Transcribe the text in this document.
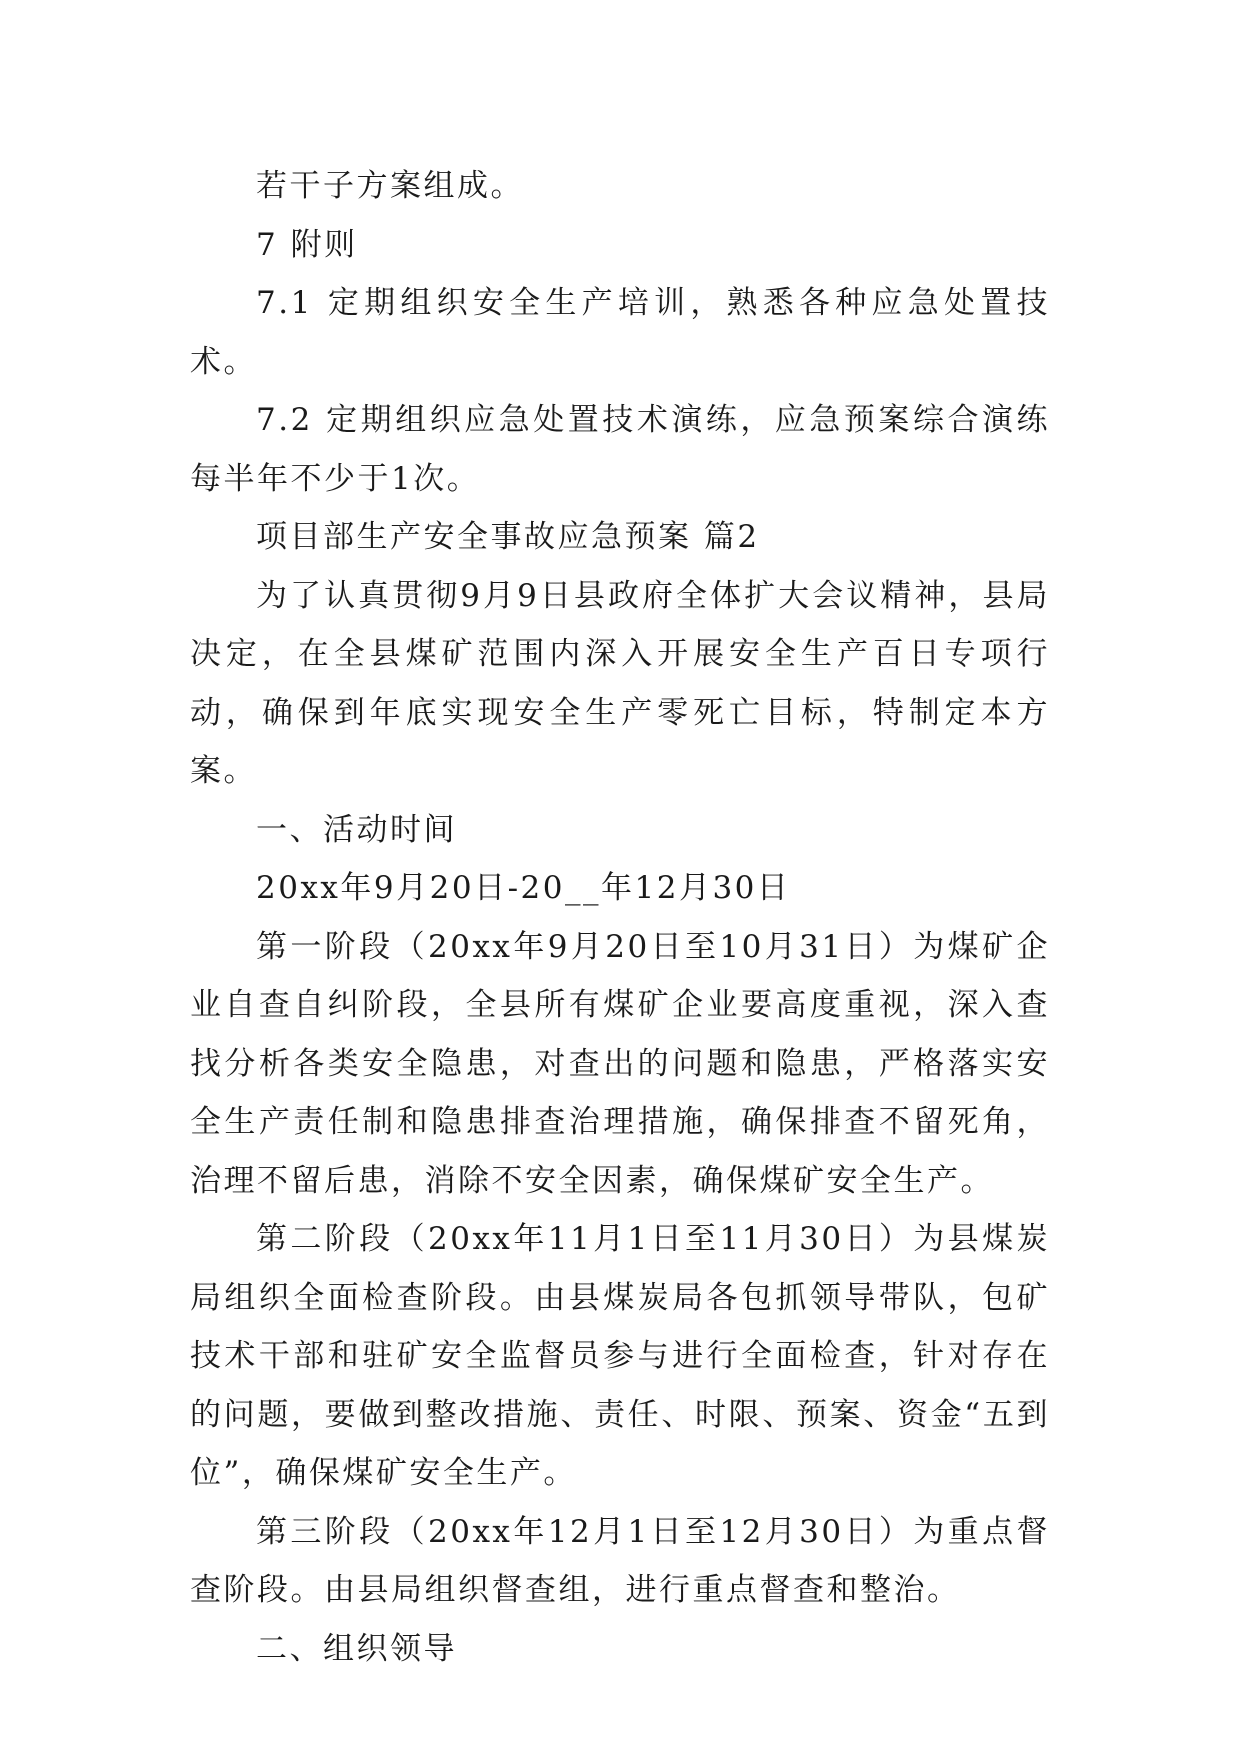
若干子方案组成。

7 附则

7.1 定期组织安全生产培训，熟悉各种应急处置技术。

7.2 定期组织应急处置技术演练，应急预案综合演练每半年不少于1次。

项目部生产安全事故应急预案 篇2

为了认真贯彻9月9日县政府全体扩大会议精神，县局决定，在全县煤矿范围内深入开展安全生产百日专项行动，确保到年底实现安全生产零死亡目标，特制定本方案。

一、活动时间

20xx年9月20日-20__年12月30日

第一阶段（20xx年9月20日至10月31日）为煤矿企业自查自纠阶段，全县所有煤矿企业要高度重视，深入查找分析各类安全隐患，对查出的问题和隐患，严格落实安全生产责任制和隐患排查治理措施，确保排查不留死角，治理不留后患，消除不安全因素，确保煤矿安全生产。

第二阶段（20xx年11月1日至11月30日）为县煤炭局组织全面检查阶段。由县煤炭局各包抓领导带队，包矿技术干部和驻矿安全监督员参与进行全面检查，针对存在的问题，要做到整改措施、责任、时限、预案、资金“五到位”，确保煤矿安全生产。

第三阶段（20xx年12月1日至12月30日）为重点督查阶段。由县局组织督查组，进行重点督查和整治。

二、组织领导
